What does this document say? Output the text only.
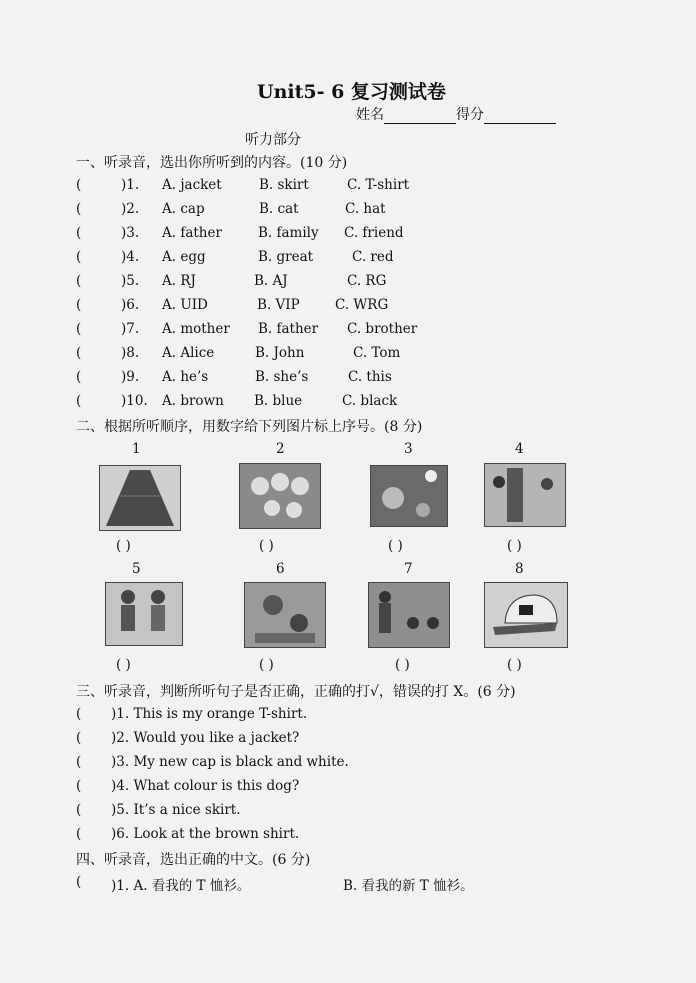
Unit5- 6 复习测试卷
姓名	得分
听力部分
一、听录音，选出你所听到的内容。(10 分)
(	)1. A. jacket	B. skirt	C. T-shirt
(	)2. A. cap	B. cat	C. hat
(	)3. A. father	B. family C. friend
(	)4. A. egg	B. great	C. red
(	)5. A. RJ	B. AJ	C. RG
(	)6. A. UID	B. VIP	C. WRG
(	)7. A. mother B. father C. brother
(	)8. A. Alice	B. John	C. Tom
(	)9. A. he’s	B. she’s	C. this
(	)10. A. brown B. blue	C. black
二、根据所听顺序，用数字给下列图片标上序号。(8 分)
1	2	3	4
( )	( )	( )	( )
5	6	7	8
( )	( )	( )	( )
三、听录音，判断所听句子是否正确，正确的打√，错误的打 X。(6 分)
( )1. This is my orange T-shirt.
( )2. Would you like a jacket?
( )3. My new cap is black and white.
( )4. What colour is this dog?
( )5. It’s a nice skirt.
( )6. Look at the brown shirt.
四、听录音，选出正确的中文。(6 分)
( )1. A. 看我的 T 恤衫。	B. 看我的新 T 恤衫。
